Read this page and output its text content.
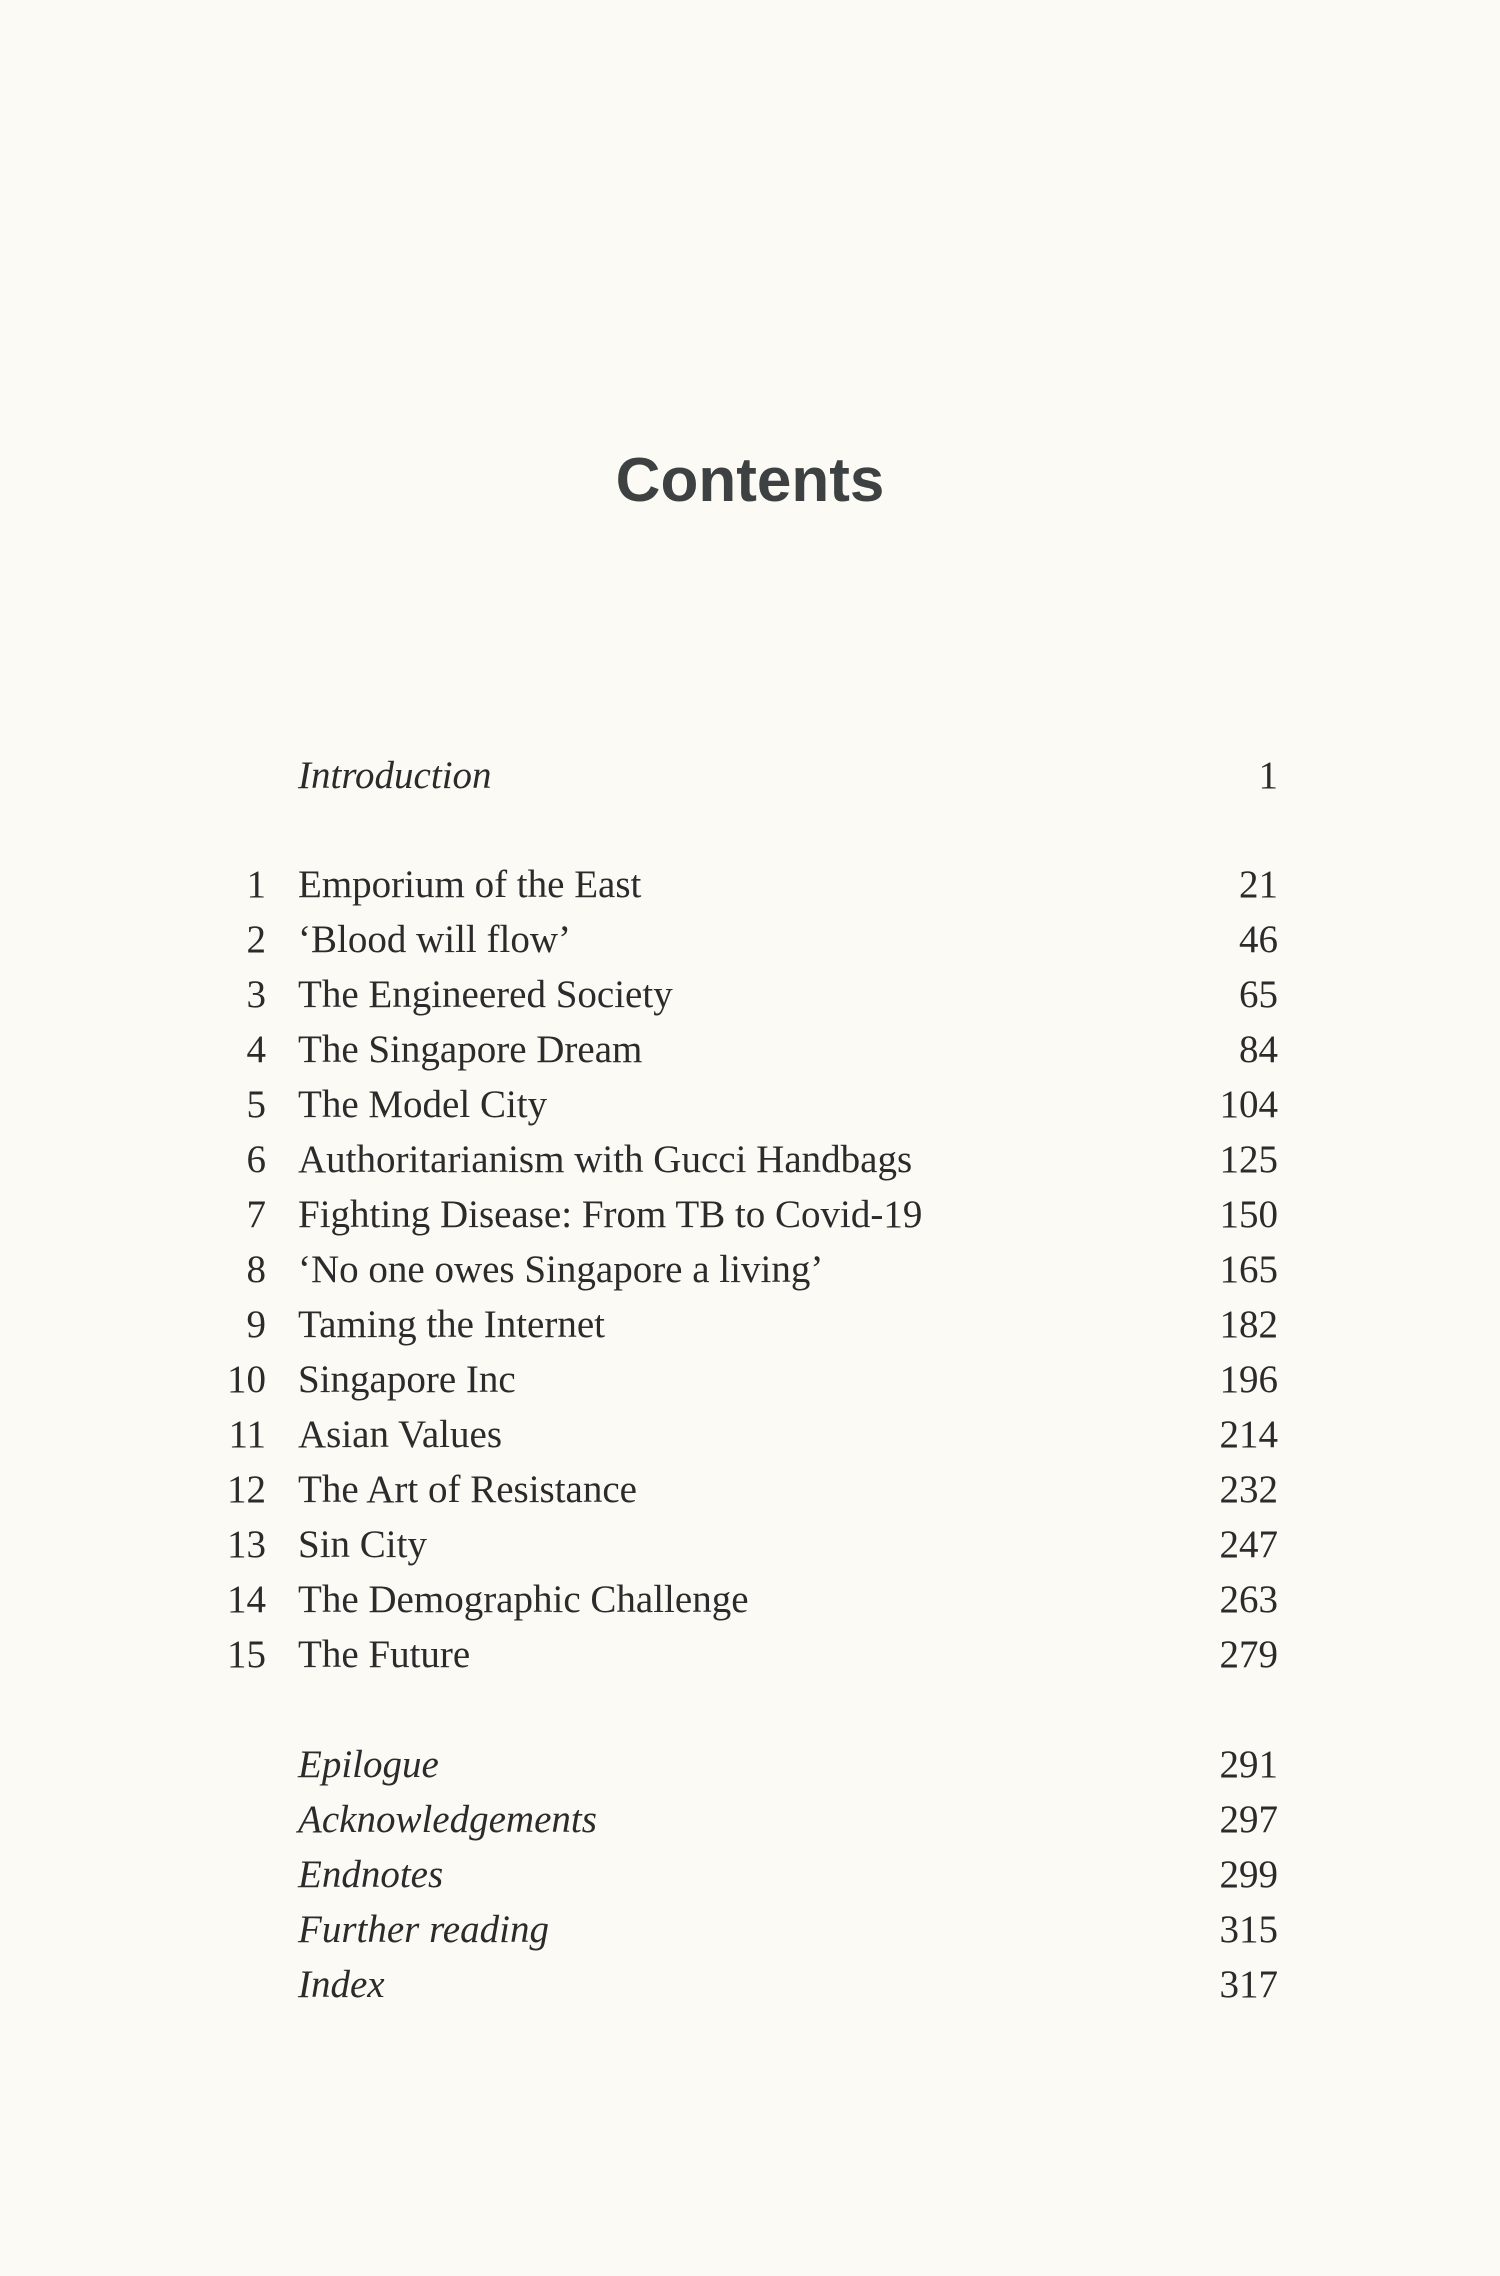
Contents
Introduction	1
1 Emporium of the East	21
2 ‘Blood will flow’	46
3 The Engineered Society	65
4 The Singapore Dream	84
5 The Model City	104
6 Authoritarianism with Gucci Handbags	125
7 Fighting Disease: From TB to Covid-19	150
8 ‘No one owes Singapore a living’	165
9 Taming the Internet	182
10 Singapore Inc	196
11 Asian Values	214
12 The Art of Resistance	232
13 Sin City	247
14 The Demographic Challenge	263
15 The Future	279
Epilogue	291
Acknowledgements	297
Endnotes	299
Further reading	315
Index	317
